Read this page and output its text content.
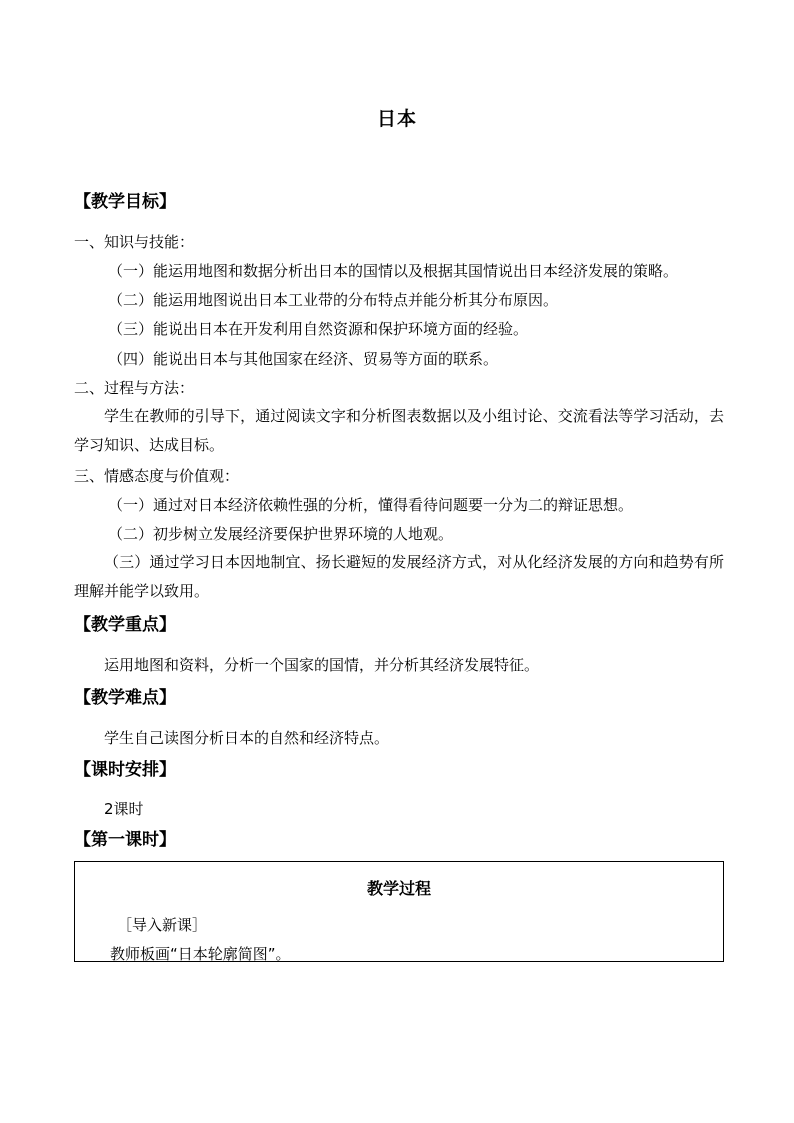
日本
【教学目标】
一、知识与技能：
（一）能运用地图和数据分析出日本的国情以及根据其国情说出日本经济发展的策略。
（二）能运用地图说出日本工业带的分布特点并能分析其分布原因。
（三）能说出日本在开发利用自然资源和保护环境方面的经验。
（四）能说出日本与其他国家在经济、贸易等方面的联系。
二、过程与方法：
学生在教师的引导下，通过阅读文字和分析图表数据以及小组讨论、交流看法等学习活动，去学习知识、达成目标。
三、情感态度与价值观：
（一）通过对日本经济依赖性强的分析，懂得看待问题要一分为二的辩证思想。
（二）初步树立发展经济要保护世界环境的人地观。
（三）通过学习日本因地制宜、扬长避短的发展经济方式，对从化经济发展的方向和趋势有所理解并能学以致用。
【教学重点】
运用地图和资料，分析一个国家的国情，并分析其经济发展特征。
【教学难点】
学生自己读图分析日本的自然和经济特点。
【课时安排】
2课时
【第一课时】
教学过程
［导入新课］
教师板画“日本轮廓简图”。
